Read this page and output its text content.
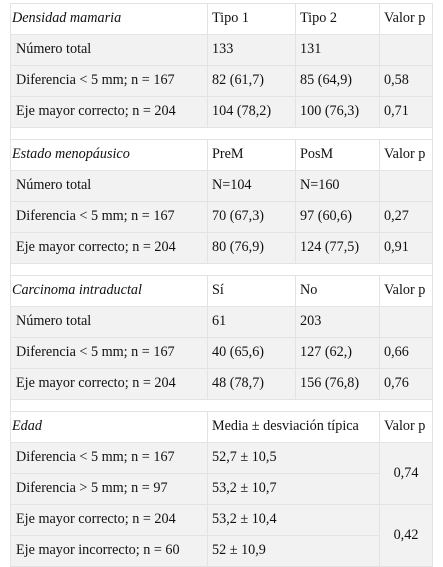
Densidad mamaria	Tipo 1	Tipo 2	Valor p
Número total	133	131	
Diferencia < 5 mm; n = 167	82 (61,7)	85 (64,9)	0,58
Eje mayor correcto; n = 204	104 (78,2)	100 (76,3)	0,71

Estado menopáusico	PreM	PosM	Valor p
Número total	N=104	N=160	
Diferencia < 5 mm; n = 167	70 (67,3)	97 (60,6)	0,27
Eje mayor correcto; n = 204	80 (76,9)	124 (77,5)	0,91

Carcinoma intraductal	Sí	No	Valor p
Número total	61	203	
Diferencia < 5 mm; n = 167	40 (65,6)	127 (62,)	0,66
Eje mayor correcto; n = 204	48 (78,7)	156 (76,8)	0,76

Edad	Media ± desviación típica		Valor p
Diferencia < 5 mm; n = 167	52,7 ± 10,5		0,74
Diferencia > 5 mm; n = 97	53,2 ± 10,7		
Eje mayor correcto; n = 204	53,2 ± 10,4		0,42
Eje mayor incorrecto; n = 60	52 ± 10,9		
